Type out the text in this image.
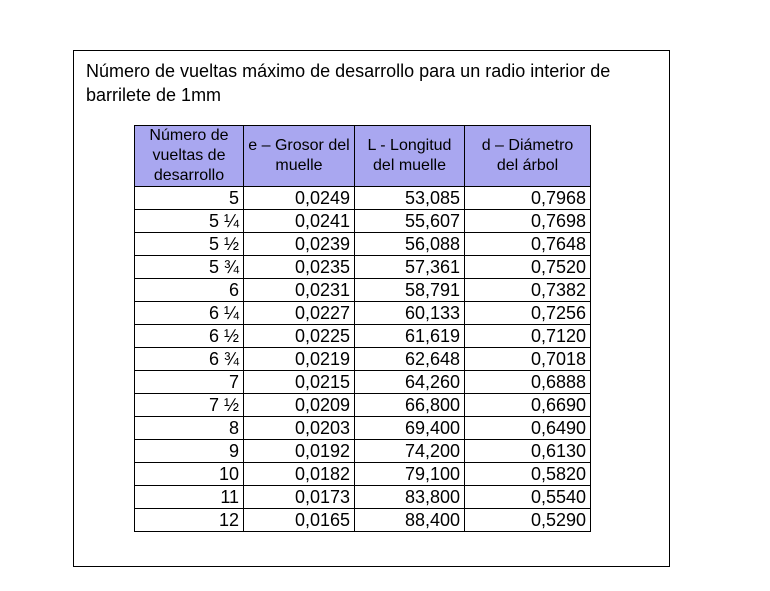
Número de vueltas máximo de desarrollo para un radio interior de barrilete de 1mm

Número de vueltas de desarrollo	e – Grosor del muelle	L - Longitud del muelle	d – Diámetro del árbol
5	0,0249	53,085	0,7968
5 ¼	0,0241	55,607	0,7698
5 ½	0,0239	56,088	0,7648
5 ¾	0,0235	57,361	0,7520
6	0,0231	58,791	0,7382
6 ¼	0,0227	60,133	0,7256
6 ½	0,0225	61,619	0,7120
6 ¾	0,0219	62,648	0,7018
7	0,0215	64,260	0,6888
7 ½	0,0209	66,800	0,6690
8	0,0203	69,400	0,6490
9	0,0192	74,200	0,6130
10	0,0182	79,100	0,5820
11	0,0173	83,800	0,5540
12	0,0165	88,400	0,5290
